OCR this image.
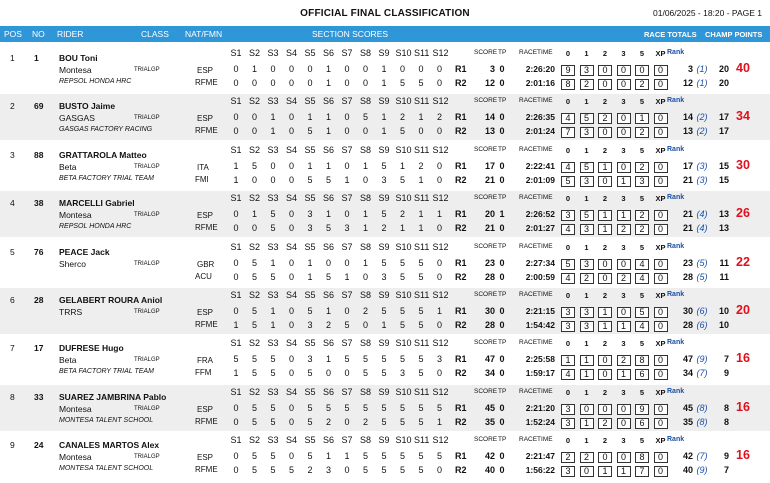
OFFICIAL FINAL CLASSIFICATION	01/06/2025 - 18:20 - PAGE 1
POS NO RIDER	CLASS NAT/FMN	SECTION SCORES	RACE TOTALS CHAMP POINTS
1 1 BOU Toni
Montesa	TRIALGP
REPSOL HONDA HRC
ESP
RFME
S1 S2 S3 S4 S5 S6 S7 S8 S9 S10 S11 S12	SCORE TP RACETIME	0	1	2	3	5	XP Rank
0	1	0	0	0	1	0	0	1	0	0	0	R1	3 0	2:26:20	9	3	0	0	0	0	3 (1) 20
0	0	0	0	0	1	0	0	1	5	5	0	R2	12 0	2:01:16	8	2	0	0	2	0	12 (1) 20
40
2 69 BUSTO Jaime
GASGAS	TRIALGP
GASGAS FACTORY RACING
ESP
RFME
S1 S2 S3 S4 S5 S6 S7 S8 S9 S10 S11 S12	SCORE TP RACETIME	0	1	2	3	5	XP Rank
0	0	1	0	1	1	0	5	1	2	1	2	R1	14 0	2:26:35	4	5	2	0	1	0	14 (2) 17
0	0	1	0	5	1	0	0	1	5	0	0	R2	13 0	2:01:24	7	3	0	0	2	0	13 (2) 17
34
3 88 GRATTAROLA Matteo
Beta	TRIALGP
BETA FACTORY TRIAL TEAM
ITA
FMI
S1 S2 S3 S4 S5 S6 S7 S8 S9 S10 S11 S12	SCORE TP RACETIME	0	1	2	3	5	XP Rank
1	5	0	0	1	1	0	1	5	1	2	0	R1	17 0	2:22:41	4	5	1	0	2	0	17 (3) 15
1	0	0	0	5	5	1	0	3	5	1	0	R2	21 0	2:01:09	5	3	0	1	3	0	21 (3) 15
30
4 38 MARCELLI Gabriel
Montesa	TRIALGP
REPSOL HONDA HRC
ESP
RFME
S1 S2 S3 S4 S5 S6 S7 S8 S9 S10 S11 S12	SCORE TP RACETIME	0	1	2	3	5	XP Rank
0	1	5	0	3	1	0	1	5	2	1	1	R1	20 1	2:26:52	3	5	1	1	2	0	21 (4) 13
0	0	5	0	3	5	3	1	2	1	1	0	R2	21 0	2:01:27	4	3	1	2	2	0	21 (4) 13
26
5 76 PEACE Jack
Sherco	TRIALGP	GBR
ACU
S1 S2 S3 S4 S5 S6 S7 S8 S9 S10 S11 S12	SCORE TP RACETIME	0	1	2	3	5	XP Rank
0	5	1	0	1	0	0	1	5	5	5	0	R1	23 0	2:27:34	5	3	0	0	4	0	23 (5) 11
0	5	5	0	1	5	1	0	3	5	5	0	R2	28 0	2:00:59	4	2	0	2	4	0	28 (5) 11
22
6 28 GELABERT ROURA Aniol
TRRS	TRIALGP	ESP
RFME
S1 S2 S3 S4 S5 S6 S7 S8 S9 S10 S11 S12	SCORE TP RACETIME	0	1	2	3	5	XP Rank
0	5	1	0	5	1	0	2	5	5	5	1	R1	30 0	2:21:15	3	3	1	0	5	0	30 (6) 10
1	5	1	0	3	2	5	0	1	5	5	0	R2	28 0	1:54:42	3	3	1	1	4	0	28 (6) 10
20
7 17 DUFRESE Hugo
Beta	TRIALGP
BETA FACTORY TRIAL TEAM
FRA
FFM
S1 S2 S3 S4 S5 S6 S7 S8 S9 S10 S11 S12	SCORE TP RACETIME	0	1	2	3	5	XP Rank
5	5	5	0	3	1	5	5	5	5	5	3	R1	47 0	2:25:58	1	1	0	2	8	0	47 (9)	7
1	5	5	0	5	0	0	5	5	3	5	0	R2	34 0	1:59:17	4	1	0	1	6	0	34 (7)	9
16
8 33 SUAREZ JAMBRINA Pablo
Montesa	TRIALGP
MONTESA TALENT SCHOOL
ESP
RFME
S1 S2 S3 S4 S5 S6 S7 S8 S9 S10 S11 S12	SCORE TP RACETIME	0	1	2	3	5	XP Rank
0	5	5	0	5	5	5	5	5	5	5	5	R1	45 0	2:21:20	3	0	0	0	9	0	45 (8)	8
0	5	5	0	5	2	0	2	5	5	5	1	R2	35 0	1:52:24	3	1	2	0	6	0	35 (8)	8
16
9 24 CANALES MARTOS Alex
Montesa	TRIALGP
MONTESA TALENT SCHOOL
ESP
RFME
S1 S2 S3 S4 S5 S6 S7 S8 S9 S10 S11 S12	SCORE TP RACETIME	0	1	2	3	5	XP Rank
0	5	5	0	5	1	1	5	5	5	5	5	R1	42 0	2:21:47	2	2	0	0	8	0	42 (7)	9
0	5	5	5	2	3	0	5	5	5	5	0	R2	40 0	1:56:22	3	0	1	1	7	0	40 (9)	7
16
